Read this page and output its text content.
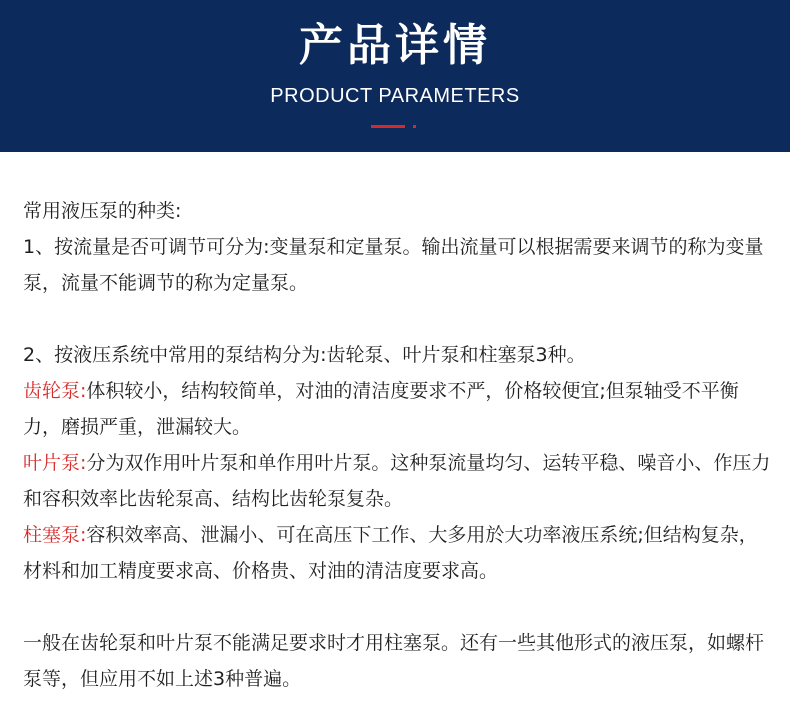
产品详情
PRODUCT PARAMETERS

常用液压泵的种类:

1、按流量是否可调节可分为:变量泵和定量泵。输出流量可以根据需要来调节的称为变量泵，流量不能调节的称为定量泵。

2、按液压系统中常用的泵结构分为:齿轮泵、叶片泵和柱塞泵3种。

齿轮泵:体积较小，结构较简单，对油的清洁度要求不严，价格较便宜;但泵轴受不平衡力，磨损严重，泄漏较大。

叶片泵:分为双作用叶片泵和单作用叶片泵。这种泵流量均匀、运转平稳、噪音小、作压力和容积效率比齿轮泵高、结构比齿轮泵复杂。

柱塞泵:容积效率高、泄漏小、可在高压下工作、大多用於大功率液压系统;但结构复杂，材料和加工精度要求高、价格贵、对油的清洁度要求高。

一般在齿轮泵和叶片泵不能满足要求时才用柱塞泵。还有一些其他形式的液压泵，如螺杆泵等，但应用不如上述3种普遍。
